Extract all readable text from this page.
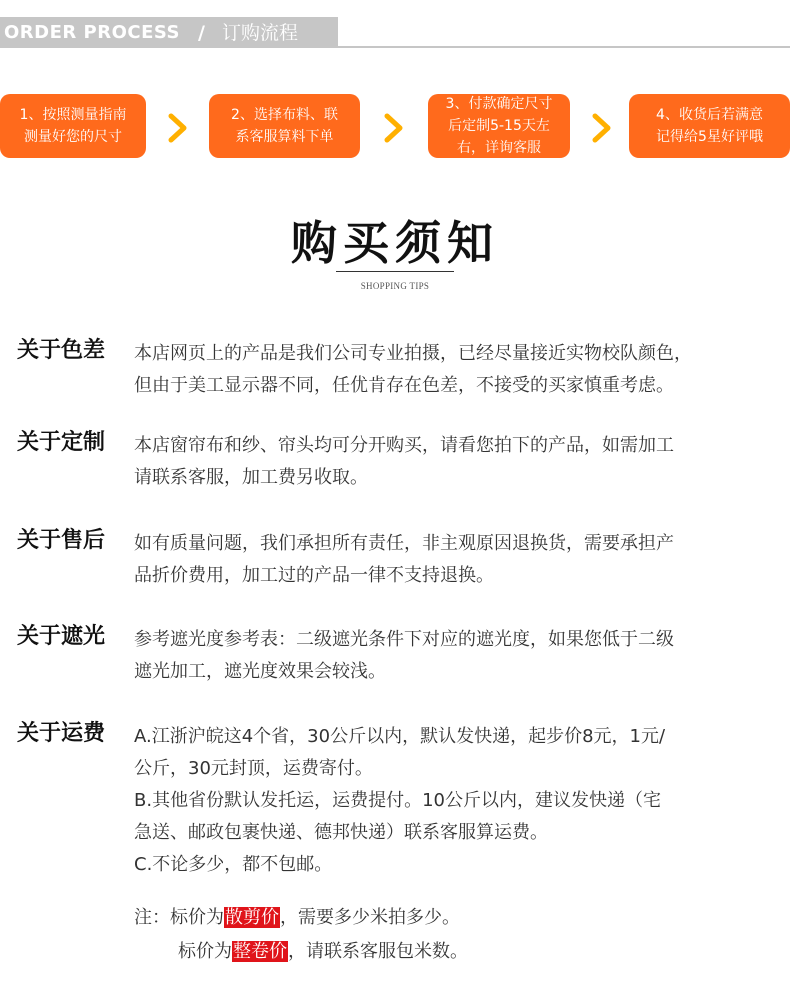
ORDER PROCESS / 订购流程
1、按照测量指南
测量好您的尺寸
2、选择布料、联
系客服算料下单
3、付款确定尺寸
后定制5-15天左
右，详询客服
4、收货后若满意
记得给5星好评哦
购买须知
SHOPPING TIPS
关于色差	本店网页上的产品是我们公司专业拍摄，已经尽量接近实物校队颜色，

但由于美工显示器不同，任优肯存在色差，不接受的买家慎重考虑。

关于定制	本店窗帘布和纱、帘头均可分开购买，请看您拍下的产品，如需加工

请联系客服，加工费另收取。

关于售后	如有质量问题，我们承担所有责任，非主观原因退换货，需要承担产

品折价费用，加工过的产品一律不支持退换。

关于遮光	参考遮光度参考表：二级遮光条件下对应的遮光度，如果您低于二级

遮光加工，遮光度效果会较浅。

关于运费	A.江浙沪皖这4个省，30公斤以内，默认发快递，起步价8元，1元/

公斤，30元封顶，运费寄付。

B.其他省份默认发托运，运费提付。10公斤以内，建议发快递（宅

急送、邮政包裹快递、德邦快递）联系客服算运费。

C.不论多少，都不包邮。

注：标价为散剪价，需要多少米拍多少。
标价为整卷价，请联系客服包米数。
